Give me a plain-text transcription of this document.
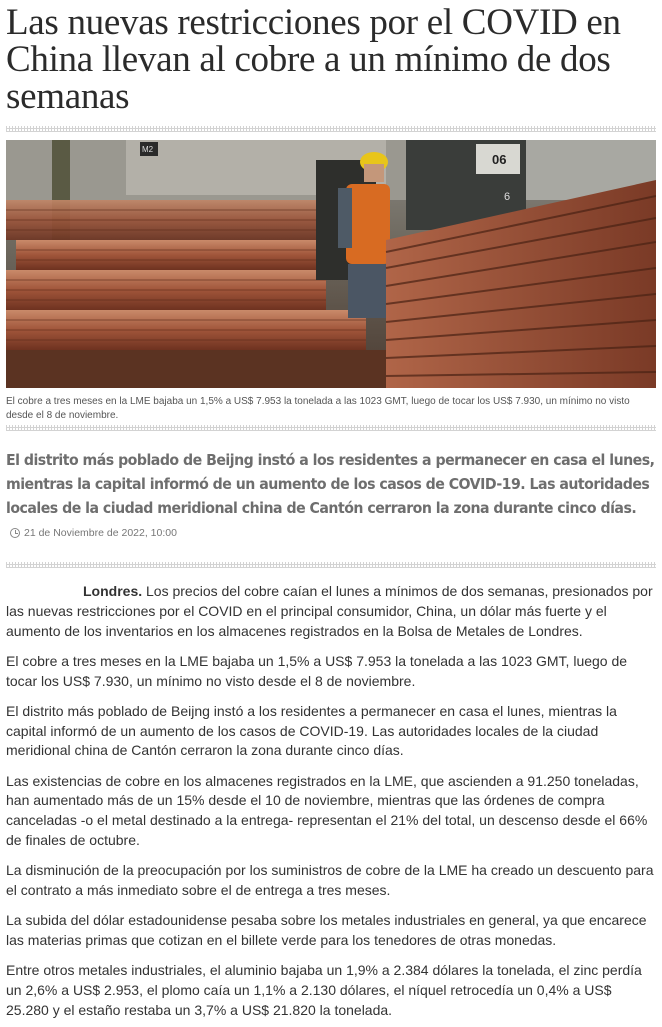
Las nuevas restricciones por el COVID en China llevan al cobre a un mínimo de dos semanas
M2
06
6

El cobre a tres meses en la LME bajaba un 1,5% a US$ 7.953 la tonelada a las 1023 GMT, luego de tocar los US$ 7.930, un mínimo no visto desde el 8 de noviembre.

El distrito más poblado de Beijng instó a los residentes a permanecer en casa el lunes, mientras la capital informó de un aumento de los casos de COVID-19. Las autoridades locales de la ciudad meridional china de Cantón cerraron la zona durante cinco días.

21 de Noviembre de 2022, 10:00

Londres. Los precios del cobre caían el lunes a mínimos de dos semanas, presionados por las nuevas restricciones por el COVID en el principal consumidor, China, un dólar más fuerte y el aumento de los inventarios en los almacenes registrados en la Bolsa de Metales de Londres.

El cobre a tres meses en la LME bajaba un 1,5% a US$ 7.953 la tonelada a las 1023 GMT, luego de tocar los US$ 7.930, un mínimo no visto desde el 8 de noviembre.

El distrito más poblado de Beijng instó a los residentes a permanecer en casa el lunes, mientras la capital informó de un aumento de los casos de COVID-19. Las autoridades locales de la ciudad meridional china de Cantón cerraron la zona durante cinco días.

Las existencias de cobre en los almacenes registrados en la LME, que ascienden a 91.250 toneladas, han aumentado más de un 15% desde el 10 de noviembre, mientras que las órdenes de compra canceladas -o el metal destinado a la entrega- representan el 21% del total, un descenso desde el 66% de finales de octubre.

La disminución de la preocupación por los suministros de cobre de la LME ha creado un descuento para el contrato a más inmediato sobre el de entrega a tres meses.

La subida del dólar estadounidense pesaba sobre los metales industriales en general, ya que encarece las materias primas que cotizan en el billete verde para los tenedores de otras monedas.

Entre otros metales industriales, el aluminio bajaba un 1,9% a 2.384 dólares la tonelada, el zinc perdía un 2,6% a US$ 2.953, el plomo caía un 1,1% a 2.130 dólares, el níquel retrocedía un 0,4% a US$ 25.280 y el estaño restaba un 3,7% a US$ 21.820 la tonelada.
